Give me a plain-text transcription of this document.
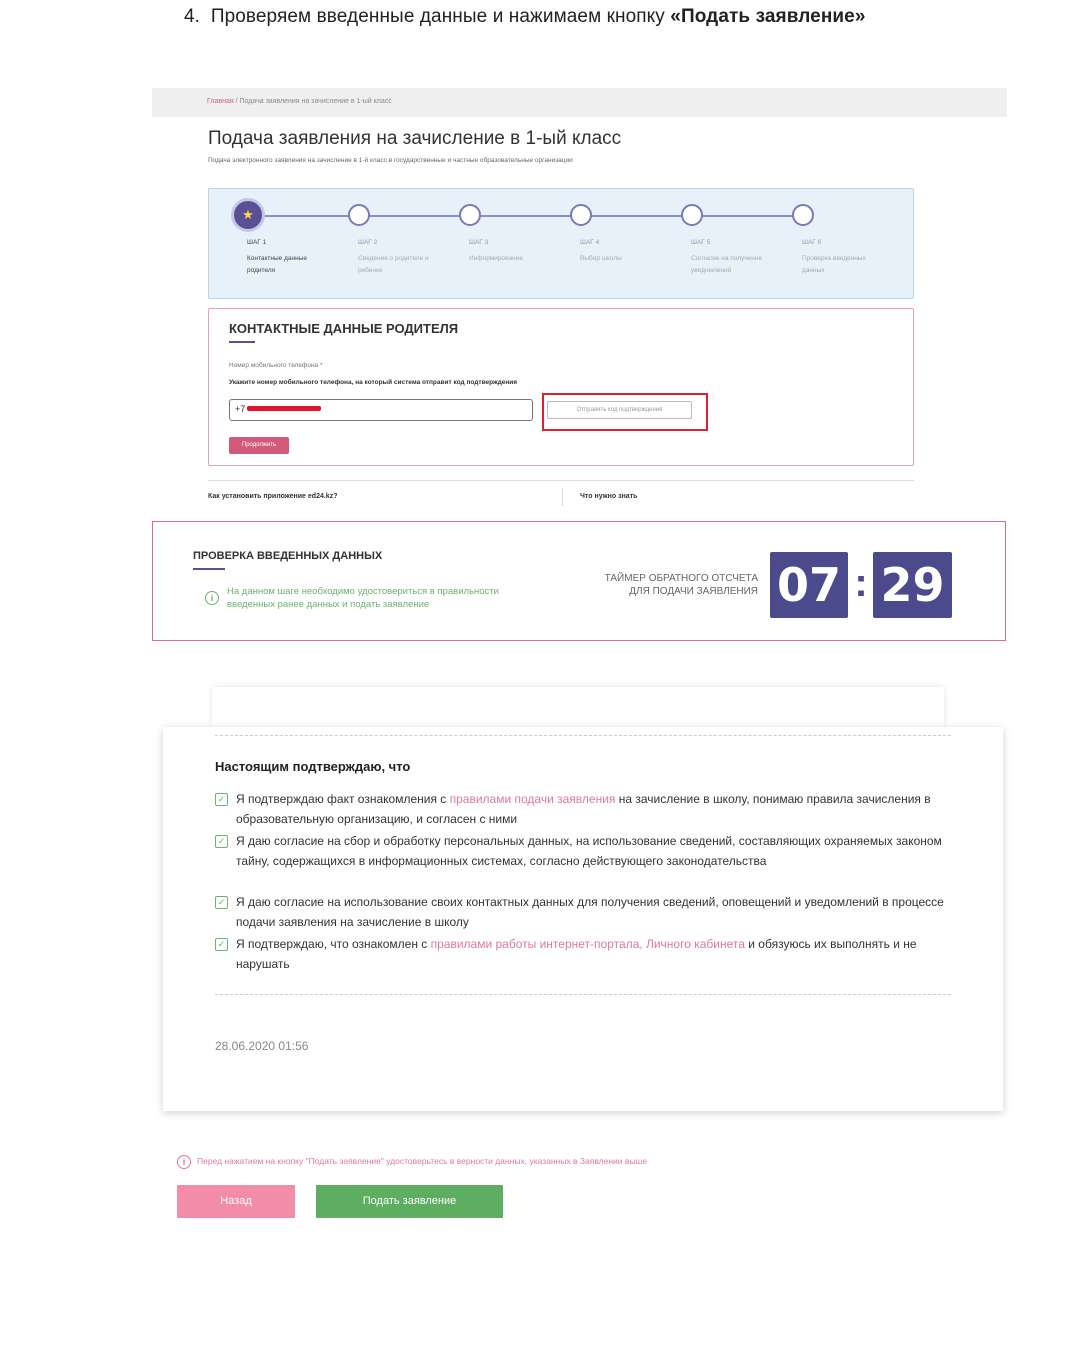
4. Проверяем введенные данные и нажимаем кнопку «Подать заявление»
Главная / Подача заявления на зачисление в 1-ый класс
Подача заявления на зачисление в 1-ый класс
Подача электронного заявления на зачисление в 1-й класс в государственные и частные образовательные организации
★
ШАГ 1
Контактные данные родителя
ШАГ 2
Сведения о родителе и ребенке
ШАГ 3
Информирование
ШАГ 4
Выбор школы
ШАГ 5
Согласие на получение уведомлений
ШАГ 6
Проверка введенных данных
КОНТАКТНЫЕ ДАННЫЕ РОДИТЕЛЯ
Номер мобильного телефона *
Укажите номер мобильного телефона, на который система отправит код подтверждения
+7	Отправить код подтверждения
Продолжить
Как установить приложение ed24.kz?	Что нужно знать
ПРОВЕРКА ВВЕДЕННЫХ ДАННЫХ
i
На данном шаге необходимо удостовериться в правильности введенных ранее данных и подать заявление
ТАЙМЕР ОБРАТНОГО ОТСЧЕТА ДЛЯ ПОДАЧИ ЗАЯВЛЕНИЯ 07 : 29
Настоящим подтверждаю, что
✓ Я подтверждаю факт ознакомления с правилами подачи заявления на зачисление в школу, понимаю правила зачисления в образовательную организацию, и согласен с ними
✓ Я даю согласие на сбор и обработку персональных данных, на использование сведений, составляющих охраняемых законом тайну, содержащихся в информационных системах, согласно действующего законодательства
✓ Я даю согласие на использование своих контактных данных для получения сведений, оповещений и уведомлений в процессе подачи заявления на зачисление в школу
✓ Я подтверждаю, что ознакомлен с правилами работы интернет-портала, Личного кабинета и обязуюсь их выполнять и не нарушать
28.06.2020 01:56
i	Перед нажатием на кнопку "Подать заявление" удостоверьтесь в верности данных, указанных в Заявлении выше
Назад	Подать заявление
